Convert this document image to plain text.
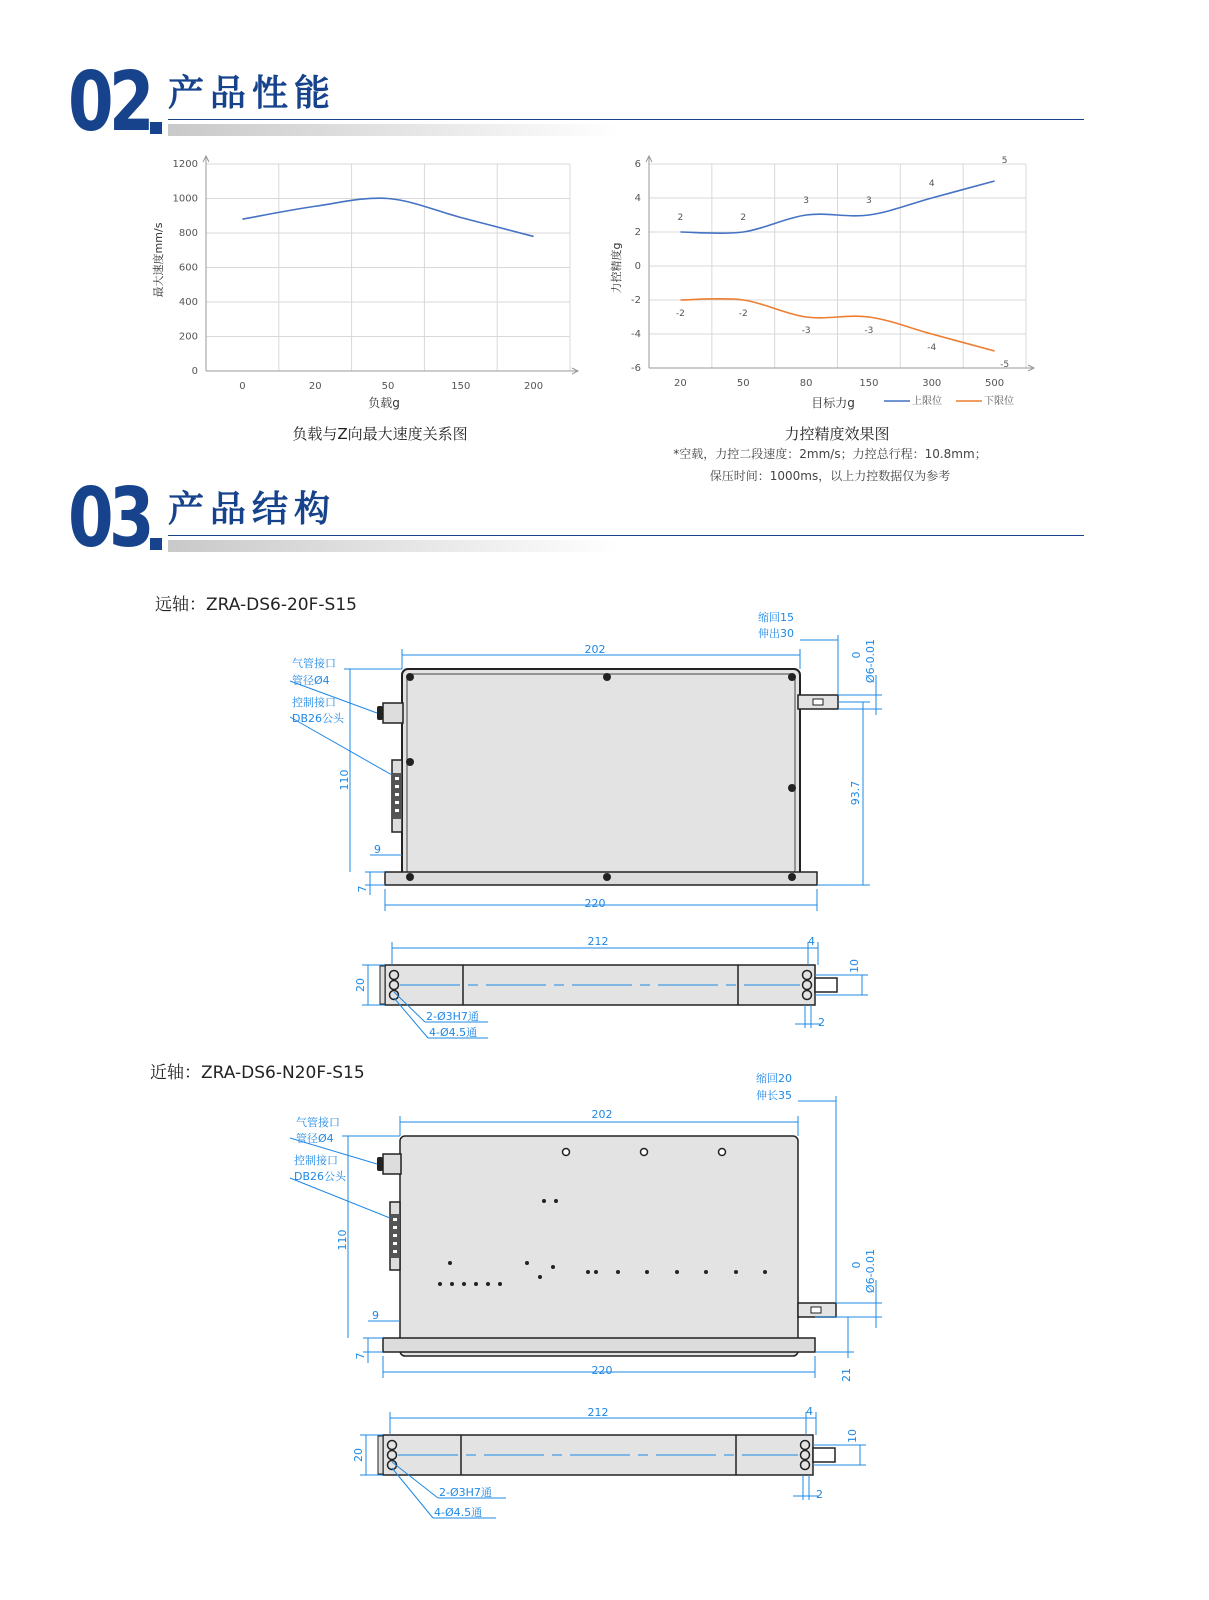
02 产品性能
0
200
400
600
800
1000
1200
0	20	50	150	200
最大速度mm/s
负载g
负载与Z向最大速度关系图
-6
-4
-2
0
2
4
6
20	50	80	150	300	500
2	2
3	3
4
5
-2	-2
-3	-3
-4
-5
力控精度g
目标力g	上限位	下限位
力控精度效果图
*空载，力控二段速度：2mm/s；力控总行程：10.8mm；
保压时间：1000ms，以上力控数据仅为参考
03 产品结构
远轴：ZRA-DS6-20F-S15
202
缩回15
伸出30
气管接口
管径Ø4
控制接口
DB26公头
110
9
7
220
93.7
0 Ø6-0.01
212	4
20
10
2
2-Ø3H7通
4-Ø4.5通
近轴：ZRA-DS6-N20F-S15
202
缩回20
伸长35
气管接口
管径Ø4
控制接口
DB26公头
110
9
7
220	21
0 Ø6-0.01
212	4
20
10
2
2-Ø3H7通
4-Ø4.5通
